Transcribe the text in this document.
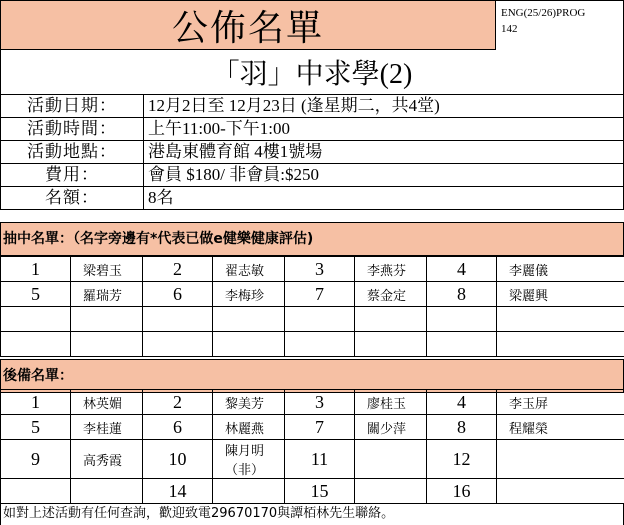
公佈名單	ENG(25/26)PROG
142
「羽」中求學(2)
活動日期：	12月2日至 12月23日 (逢星期二，共4堂)
活動時間：	上午11:00-下午1:00
活動地點：	港島東體育館 4樓1號場
費用：	會員 $180/ 非會員:$250
名額：	8名
抽中名單：（名字旁邊有*代表已做e健樂健康評估)
1	梁碧玉	2	翟志敏	3	李燕芬	4	李麗儀
5	羅瑞芳	6	李梅珍	7	蔡金定	8	梁麗興

後備名單：
1	林英媚	2	黎美芳	3	廖桂玉	4	李玉屏
5	李桂蓮	6	林麗燕	7	關少萍	8	程耀榮
9	高秀霞	10	陳月明 （非）	11		12	
		14		15		16	
如對上述活動有任何查詢，歡迎致電29670170與譚栢林先生聯絡。
